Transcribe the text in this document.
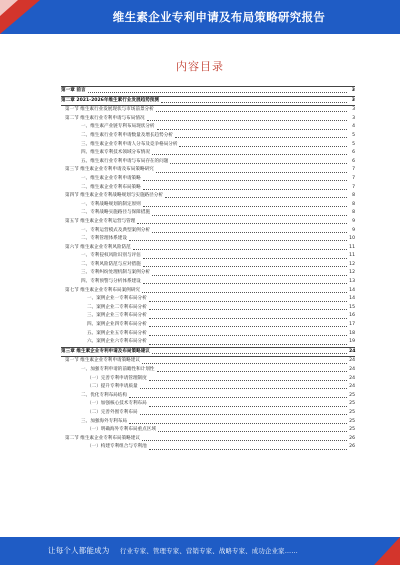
维生素企业专利申请及布局策略研究报告
内容目录
第一章 前言	3
第二章 2021-2026年维生素行业发展趋势预测	3
第一节 维生素行业发展现状与市场前景分析	3
第二节 维生素行业专利申请与布局情况	3
一、维生素产业链专利布局现状分析	4
二、维生素行业专利申请数量及增长趋势分析	5
三、维生素企业专利申请人分布及竞争格局分析	5
四、维生素专利技术领域分布情况	6
五、维生素行业专利申请与布局存在的问题	6
第三节 维生素企业专利申请及布局策略研究	7
一、维生素企业专利申请策略	7
二、维生素企业专利布局策略	7
第四节 维生素企业专利战略规划与实施路径分析	8
一、专利战略规划的制定原则	8
二、专利战略实施路径与保障措施	8
第五节 维生素企业专利运营与管理	9
一、专利运营模式及典型案例分析	9
二、专利管理体系建设	10
第六节 维生素企业专利风险防范	11
一、专利侵权风险识别与评估	11
二、专利风险防范与应对措施	12
三、专利纠纷处理机制与案例分析	12
四、专利预警与分析体系建设	13
第七节 维生素企业专利布局案例研究	14
一、案例企业一专利布局分析	14
二、案例企业二专利布局分析	15
三、案例企业三专利布局分析	16
四、案例企业四专利布局分析	17
五、案例企业五专利布局分析	18
六、案例企业六专利布局分析	19
第三章 维生素企业专利申请及布局策略建议	24
第一节 维生素企业专利申请策略建议	24
一、加强专利申请的前瞻性和计划性	24
（一）完善专利申请管理制度	24
（二）提升专利申请质量	24
二、优化专利布局结构	25
（一）加强核心技术专利布局	25
（二）完善外围专利布局	25
三、加强海外专利布局	25
（一）明确海外专利布局重点区域	25
第二节 维生素企业专利布局策略建议	26
（一）构建专利组合与专利池	26
让每个人都能成为 行业专家、管理专家、营销专家、战略专家、成功企业家……
